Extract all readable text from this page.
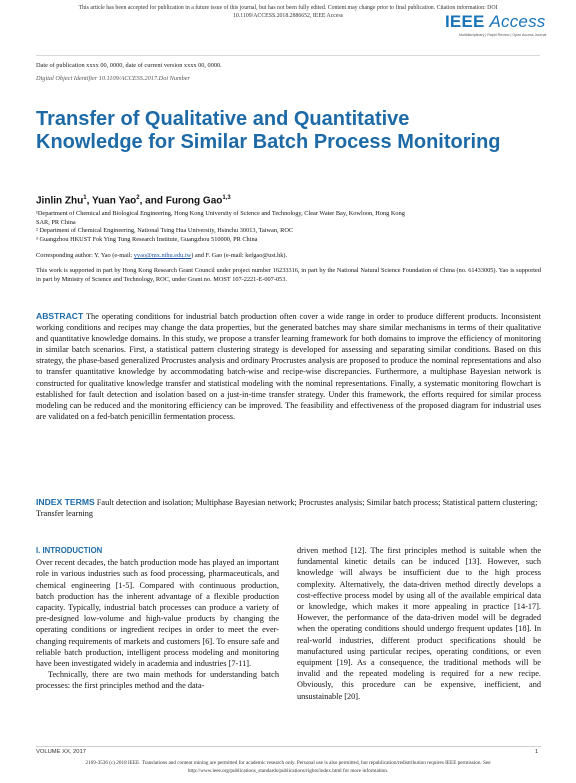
This article has been accepted for publication in a future issue of this journal, but has not been fully edited. Content may change prior to final publication. Citation information: DOI
10.1109/ACCESS.2018.2886652, IEEE Access	IEEE Access
Multidisciplinary | Rapid Review | Open Access Journal
Date of publication xxxx 00, 0000, date of current version xxxx 00, 0000.
Digital Object Identifier 10.1109/ACCESS.2017.Doi Number
Transfer of Qualitative and Quantitative Knowledge for Similar Batch Process Monitoring
Jinlin Zhu$^1$, Yuan Yao$^2$, and Furong Gao$^{1,3}$
¹Department of Chemical and Biological Engineering, Hong Kong University of Science and Technology, Clear Water Bay, Kowloon, Hong Kong
SAR, PR China
² Department of Chemical Engineering, National Tsing Hua University, Hsinchu 30013, Taiwan, ROC
³ Guangzhou HKUST Fok Ying Tung Research Institute, Guangzhou 510000, PR China
Corresponding author: Y. Yao (e-mail: yyao@mx.nthu.edu.tw) and F. Gao (e-mail: kefgao@ust.hk).
This work is supported in part by Hong Kong Research Grant Council under project number 16233316, in part by the National Natural Science Foundation of China (no. 61433005). Yao is supported in part by Ministry of Science and Technology, ROC, under Grant no. MOST 107-2221-E-007-053.
ABSTRACT The operating conditions for industrial batch production often cover a wide range in order to produce different products. Inconsistent working conditions and recipes may change the data properties, but the generated batches may share similar mechanisms in terms of their qualitative and quantitative knowledge domains. In this study, we propose a transfer learning framework for both domains to improve the efficiency of monitoring in similar batch scenarios. First, a statistical pattern clustering strategy is developed for assessing and separating similar conditions. Based on this strategy, the phase-based generalized Procrustes analysis and ordinary Procrustes analysis are proposed to produce the nominal representations and also to transfer quantitative knowledge by accommodating batch-wise and recipe-wise discrepancies. Furthermore, a multiphase Bayesian network is constructed for qualitative knowledge transfer and statistical modeling with the nominal representations. Finally, a systematic monitoring flowchart is established for fault detection and isolation based on a just-in-time transfer strategy. Under this framework, the efforts required for similar process modeling can be reduced and the monitoring efficiency can be improved. The feasibility and effectiveness of the proposed diagram for industrial uses are validated on a fed-batch penicillin fermentation process.
INDEX TERMS Fault detection and isolation; Multiphase Bayesian network; Procrustes analysis; Similar batch process; Statistical pattern clustering; Transfer learning
I. INTRODUCTION

Over recent decades, the batch production mode has played an important role in various industries such as food processing, pharmaceuticals, and chemical engineering [1-5]. Compared with continuous production, batch production has the inherent advantage of a flexible production capacity. Typically, industrial batch processes can produce a variety of pre-designed low-volume and high-value products by changing the operating conditions or ingredient recipes in order to meet the ever-changing requirements of markets and customers [6]. To ensure safe and reliable batch production, intelligent process modeling and monitoring have been investigated widely in academia and industries [7-11].

Technically, there are two main methods for understanding batch processes: the first principles method and the data-

driven method [12]. The first principles method is suitable when the fundamental kinetic details can be induced [13]. However, such knowledge will always be insufficient due to the high process complexity. Alternatively, the data-driven method directly develops a cost-effective process model by using all of the available empirical data or knowledge, which makes it more appealing in practice [14-17]. However, the performance of the data-driven model will be degraded when the operating conditions should undergo frequent updates [18]. In real-world industries, different product specifications should be manufactured using particular recipes, operating conditions, or even equipment [19]. As a consequence, the traditional methods will be invalid and the repeated modeling is required for a new recipe. Obviously, this procedure can be expensive, inefficient, and unsustainable [20].

VOLUME XX, 2017	1
2169-3536 (c) 2018 IEEE. Translations and content mining are permitted for academic research only. Personal use is also permitted, but republication/redistribution requires IEEE permission. See
http://www.ieee.org/publications_standards/publications/rights/index.html for more information.
